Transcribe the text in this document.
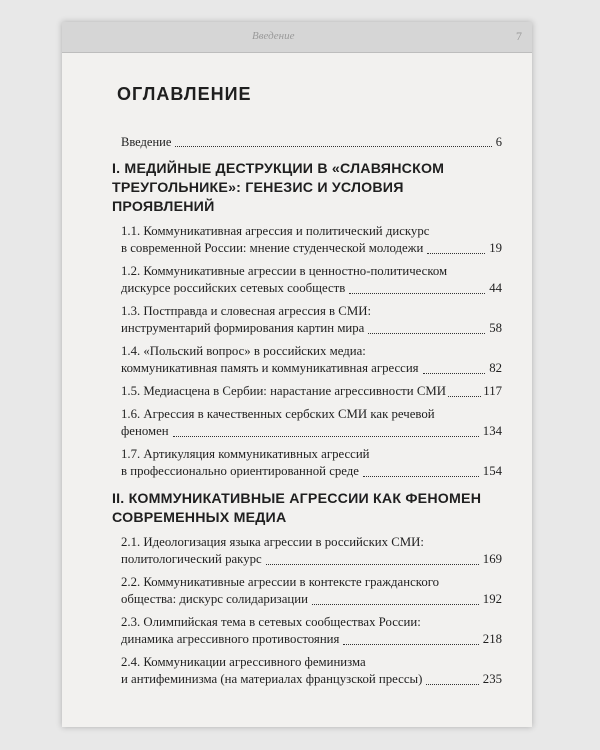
Введение	7

ОГЛАВЛЕНИЕ
Введение	6
I. МЕДИЙНЫЕ ДЕСТРУКЦИИ В «СЛАВЯНСКОМ
ТРЕУГОЛЬНИКЕ»: ГЕНЕЗИС И УСЛОВИЯ ПРОЯВЛЕНИЙ
1.1. Коммуникативная агрессия и политический дискурс
в современной России: мнение студенческой молодежи	19
1.2. Коммуникативные агрессии в ценностно-политическом
дискурсе российских сетевых сообществ	44
1.3. Постправда и словесная агрессия в СМИ:
инструментарий формирования картин мира	58
1.4. «Польский вопрос» в российских медиа:
коммуникативная память и коммуникативная агрессия	82
1.5. Медиасцена в Сербии: нарастание агрессивности СМИ	117
1.6. Агрессия в качественных сербских СМИ как речевой
феномен	134
1.7. Артикуляция коммуникативных агрессий
в профессионально ориентированной среде	154
II. КОММУНИКАТИВНЫЕ АГРЕССИИ КАК ФЕНОМЕН
СОВРЕМЕННЫХ МЕДИА
2.1. Идеологизация языка агрессии в российских СМИ:
политологический ракурс	169
2.2. Коммуникативные агрессии в контексте гражданского
общества: дискурс солидаризации	192
2.3. Олимпийская тема в сетевых сообществах России:
динамика агрессивного противостояния	218
2.4. Коммуникации агрессивного феминизма
и антифеминизма (на материалах французской прессы)	235
